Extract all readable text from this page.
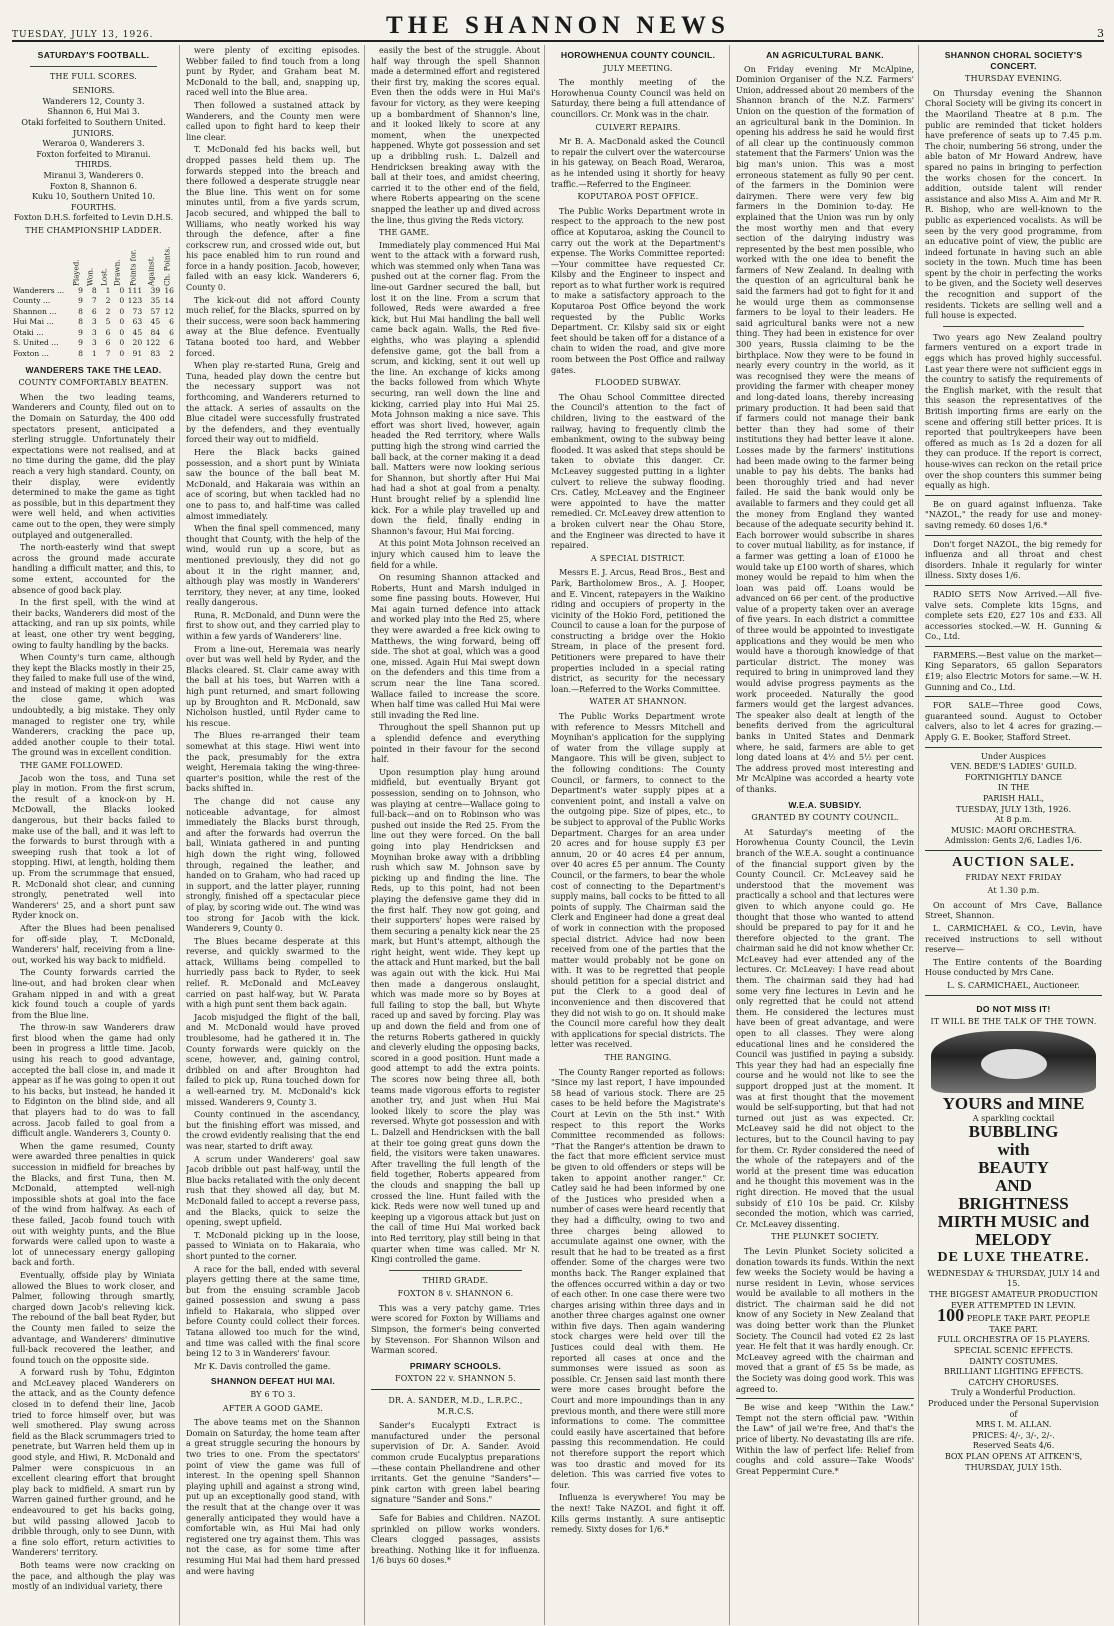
TUESDAY, JULY 13, 1926.	THE SHANNON NEWS	3
SATURDAY'S FOOTBALL.
THE FULL SCORES.

SENIORS.

Wanderers 12, County 3.

Shannon 6, Hui Mai 3.

Otaki forfeited to Southern United.

JUNIORS.

Weraroa 0, Wanderers 3.

Foxton forfeited to Miranui.

THIRDS.

Miranui 3, Wanderers 0.

Foxton 8, Shannon 6.

Kuku 10, Southern United 10.

FOURTHS.

Foxton D.H.S. forfeited to Levin D.H.S.

THE CHAMPIONSHIP LADDER.
	Played.	Won.	Lost.	Drawn.	Points for.	Against.	Ch. Points.
Wanderers ...	9	8	1	0	111	39	16
County ...	9	7	2	0	123	35	14
Shannon ...	8	6	2	0	73	57	12
Hui Mai ...	8	3	5	0	63	45	6
Otaki ...	9	3	6	0	45	84	6
S. United ...	9	3	6	0	20	122	6
Foxton ...	8	1	7	0	91	83	2
WANDERERS TAKE THE LEAD.
COUNTY COMFORTABLY BEATEN.

When the two leading teams, Wanderers and County, filed out on to the Domain on Saturday, the 400 odd spectators present, anticipated a sterling struggle. Unfortunately their expectations were not realised, and at no time during the game, did the play reach a very high standard. County, on their display, were evidently determined to make the game as tight as possible, but in this department they were well held, and when activities came out to the open, they were simply outplayed and outgeneralled.

The north-easterly wind that swept across the ground made accurate handling a difficult matter, and this, to some extent, accounted for the absence of good back play.

In the first spell, with the wind at their backs, Wanderers did most of the attacking, and ran up six points, while at least, one other try went begging, owing to faulty handling by the backs.

When County's turn came, although they kept the Blacks mostly in their 25, they failed to make full use of the wind, and instead of making it open adopted the close game, which was undoubtedly, a big mistake. They only managed to register one try, while Wanderers, cracking the pace up, added another couple to their total. The ground was in excellent condition.

THE GAME FOLLOWED.

Jacob won the toss, and Tuna set play in motion. From the first scrum, the result of a knock-on by H. McDowall, the Blacks looked dangerous, but their backs failed to make use of the ball, and it was left to the forwards to burst through with a sweeping rush that took a lot of stopping. Hiwi, at length, holding them up. From the scrummage that ensued, R. McDonald shot clear, and cunning strongly, penetrated well into Wanderers' 25, and a short punt saw Ryder knock on.

After the Blues had been penalised for off-side play, T. McDonald, Wanderers' half, receiving from a line-out, worked his way back to midfield.

The County forwards carried the line-out, and had broken clear when Graham nipped in and with a great kick found touch a couple of yards from the Blue line.

The throw-in saw Wanderers draw first blood when the game had only been in progress a little time. Jacob, using his reach to good advantage, accepted the ball close in, and made it appear as if he was going to open it out to his backs, but instead, he handed it to Edginton on the blind side, and all that players had to do was to fall across. Jacob failed to goal from a difficult angle. Wanderers 3, County 0.

When the game resumed, County were awarded three penalties in quick succession in midfield for breaches by the Blacks, and first Tuna, then M. McDonald, attempted well-nigh impossible shots at goal into the face of the wind from halfway. As each of these failed, Jacob found touch with out with weighty punts, and the Blue forwards were called upon to waste a lot of unnecessary energy galloping back and forth.

Eventually, offside play by Winiata allowed the Blues to work closer, and Palmer, following through smartly, charged down Jacob's relieving kick. The rebound of the ball beat Ryder, but the County men failed to seize the advantage, and Wanderers' diminutive full-back recovered the leather, and found touch on the opposite side.

A forward rush by Tohu, Edginton and McLeavey placed Wanderers on the attack, and as the County defence closed in to defend their line, Jacob tried to force himself over, but was well smothered. Play swung across field as the Black scrummagers tried to penetrate, but Warren held them up in good style, and Hiwi, R. McDonald and Palmer were conspicuous in an excellent clearing effort that brought play back to midfield. A smart run by Warren gained further ground, and he endeavoured to get his backs going, but wild passing allowed Jacob to dribble through, only to see Dunn, with a fine solo effort, return activities to Wanderers' territory.

Both teams were now cracking on the pace, and although the play was mostly of an individual variety, there

were plenty of exciting episodes. Webber failed to find touch from a long punt by Ryder, and Graham beat M. McDonald to the ball, and, snapping up, raced well into the Blue area.

Then followed a sustained attack by Wanderers, and the County men were called upon to fight hard to keep their line clear.

T. McDonald fed his backs well, but dropped passes held them up. The forwards stepped into the breach and there followed a desperate struggle near the Blue line. This went on for some minutes until, from a five yards scrum, Jacob secured, and whipped the ball to Williams, who neatly worked his way through the defence, after a fine corkscrew run, and crossed wide out, but his pace enabled him to run round and force in a handy position. Jacob, however, failed with an easy kick. Wanderers 6, County 0.

The kick-out did not afford County much relief, for the Blacks, spurred on by their success, were soon back hammering away at the Blue defence. Eventually Tatana booted too hard, and Webber forced.

When play re-started Runa, Greig and Tuna, headed play down the centre but the necessary support was not forthcoming, and Wanderers returned to the attack. A series of assaults on the Blue citadel were successfully frustrated by the defenders, and they eventually forced their way out to midfield.

Here the Black backs gained possession, and a short punt by Winiata saw the bounce of the ball beat M. McDonald, and Hakaraia was within an ace of scoring, but when tackled had no one to pass to, and half-time was called almost immediately.

When the final spell commenced, many thought that County, with the help of the wind, would run up a score, but as mentioned previously, they did not go about it in the right manner, and, although play was mostly in Wanderers' territory, they never, at any time, looked really dangerous.

Runa, R. McDonald, and Dunn were the first to show out, and they carried play to within a few yards of Wanderers' line.

From a line-out, Heremaia was nearly over but was well held by Ryder, and the Blacks cleared. St. Clair came away with the ball at his toes, but Warren with a high punt returned, and smart following up by Broughton and R. McDonald, saw Nicholson hustled, until Ryder came to his rescue.

The Blues re-arranged their team somewhat at this stage. Hiwi went into the pack, presumably for the extra weight, Heremaia taking the wing-three-quarter's position, while the rest of the backs shifted in.

The change did not cause any noticeable advantage, for almost immediately the Blacks burst through, and after the forwards had overrun the ball, Winiata gathered in and punting high down the right wing, followed through, regained the leather, and handed on to Graham, who had raced up in support, and the latter player, running strongly, finished off a spectacular piece of play, by scoring wide out. The wind was too strong for Jacob with the kick. Wanderers 9, County 0.

The Blues became desperate at this reverse, and quickly swarmed to the attack, Williams being compelled to hurriedly pass back to Ryder, to seek relief. R. McDonald and McLeavey carried on past half-way, but W. Parata with a high punt sent them back again.

Jacob misjudged the flight of the ball, and M. McDonald would have proved troublesome, had he gathered it in. The County forwards were quickly on the scene, however, and, gaining control, dribbled on and after Broughton had failed to pick up, Runa touched down for a well-earned try. M. McDonald's kick missed. Wanderers 9, County 3.

County continued in the ascendancy, but the finishing effort was missed, and the crowd evidently realising that the end was near, started to drift away.

A scrum under Wanderers' goal saw Jacob dribble out past half-way, until the Blue backs retaliated with the only decent rush that they showed all day, but M. McDonald failed to accept a reverse pass, and the Blacks, quick to seize the opening, swept upfield.

T. McDonald picking up in the loose, passed to Winiata on to Hakaraia, who short punted to the corner.

A race for the ball, ended with several players getting there at the same time, but from the ensuing scramble Jacob gained possession and swung a pass infield to Hakaraia, who slipped over before County could collect their forces. Tatana allowed too much for the wind, and time was called with the final score being 12 to 3 in Wanderers' favour.

Mr K. Davis controlled the game.

SHANNON DEFEAT HUI MAI.
BY 6 TO 3.
AFTER A GOOD GAME.

The above teams met on the Shannon Domain on Saturday, the home team after a great struggle securing the honours by two tries to one. From the spectators' point of view the game was full of interest. In the opening spell Shannon playing uphill and against a strong wind, put up an exceptionally good stand, with the result that at the change over it was generally anticipated they would have a comfortable win, as Hui Mai had only registered one try against them. This was not the case, as for some time after resuming Hui Mai had them hard pressed and were having

easily the best of the struggle. About half way through the spell Shannon made a determined effort and registered their first try, making the scores equal. Even then the odds were in Hui Mai's favour for victory, as they were keeping up a bombardment of Shannon's line, and it looked likely to score at any moment, when the unexpected happened. Whyte got possession and set up a dribbling rush. L. Dalzell and Hendricksen breaking away with the ball at their toes, and amidst cheering, carried it to the other end of the field, where Roberts appearing on the scene snapped the leather up and dived across the line, thus giving the Reds victory.

THE GAME.

Immediately play commenced Hui Mai went to the attack with a forward rush, which was stemmed only when Tana was pushed out at the corner flag. From the line-out Gardner secured the ball, but lost it on the line. From a scrum that followed, Reds were awarded a free kick, but Hui Mai handling the ball well came back again. Walls, the Red five-eighths, who was playing a splendid defensive game, got the ball from a scrum, and kicking, sent it out well up the line. An exchange of kicks among the backs followed from which Whyte securing, ran well down the line and kicking, carried play into Hui Mai 25. Mota Johnson making a nice save. This effort was short lived, however, again headed the Red territory, where Walls putting high the strong wind carried the ball back, at the corner making it a dead ball. Matters were now looking serious for Shannon, but shortly after Hui Mai had had a shot at goal from a penalty. Hunt brought relief by a splendid line kick. For a while play travelled up and down the field, finally ending in Shannon's favour, Hui Mai forcing.

At this point Mota Johnson received an injury which caused him to leave the field for a while.

On resuming Shannon attacked and Roberts, Hunt and Marsh indulged in some fine passing bouts. However, Hui Mai again turned defence into attack and worked play into the Red 25, where they were awarded a free kick owing to Matthews, the wing forward, being off side. The shot at goal, which was a good one, missed. Again Hui Mai swept down on the defenders and this time from a scrum near the line Tana scored. Wallace failed to increase the score. When half time was called Hui Mai were still invading the Red line.

Throughout the spell Shannon put up a splendid defence and everything pointed in their favour for the second half.

Upon resumption play hung around midfield, but eventually Bryant got possession, sending on to Johnson, who was playing at centre—Wallace going to full-back—and on to Robinson who was pushed out inside the Red 25. From the line out they were forced. On the ball going into play Hendricksen and Moynihan broke away with a dribbling rush which saw M. Johnson save by picking up and finding the line. The Reds, up to this point, had not been playing the defensive game they did in the first half. They now got going, and their supporters' hopes were raised by them securing a penalty kick near the 25 mark, but Hunt's attempt, although the right height, went wide. They kept up the attack and Hunt marked, but the ball was again out with the kick. Hui Mai then made a dangerous onslaught, which was made more so by Boyes at full failing to stop the ball, but Whyte raced up and saved by forcing. Play was up and down the field and from one of the returns Roberts gathered in quickly and cleverly eluding the opposing backs, scored in a good position. Hunt made a good attempt to add the extra points. The scores now being three all, both teams made vigorous efforts to register another try, and just when Hui Mai looked likely to score the play was reversed. Whyte got possession and with L. Dalzell and Hendricksen with the ball at their toe going great guns down the field, the visitors were taken unawares. After travelling the full length of the field together, Roberts appeared from the clouds and snapping the ball up crossed the line. Hunt failed with the kick. Reds were now well tuned up and keeping up a vigorous attack but just on the call of time Hui Mai worked back into Red territory, play still being in that quarter when time was called. Mr N. Kingi controlled the game.

THIRD GRADE.
FOXTON 8 v. SHANNON 6.

This was a very patchy game. Tries were scored for Foxton by Williams and Simpson, the former's being converted by Stevenson. For Shannon Wilson and Warman scored.

PRIMARY SCHOOLS.
FOXTON 22 v. SHANNON 5.
DR. A. SANDER, M.D., L.R.P.C., M.R.C.S.

Sander's Eucalypti Extract is manufactured under the personal supervision of Dr. A. Sander. Avoid common crude Eucalyptus preparations—these contain Phellandrene and other irritants. Get the genuine "Sanders"—pink carton with green label bearing signature "Sander and Sons."

Safe for Babies and Children. NAZOL sprinkled on pillow works wonders. Clears clogged passages, assists breathing. Nothing like it for influenza. 1/6 buys 60 doses.*

HOROWHENUA COUNTY COUNCIL.
JULY MEETING.

The monthly meeting of the Horowhenua County Council was held on Saturday, there being a full attendance of councillors. Cr. Monk was in the chair.

CULVERT REPAIRS.

Mr B. A. MacDonald asked the Council to repair the culvert over the watercourse in his gateway, on Beach Road, Weraroa, as he intended using it shortly for heavy traffic.—Referred to the Engineer.

KOPUTAROA POST OFFICE.

The Public Works Department wrote in respect to the approach to the new post office at Koputaroa, asking the Council to carry out the work at the Department's expense. The Works Committee reported:—Your committee have requested Cr. Kilsby and the Engineer to inspect and report as to what further work is required to make a satisfactory approach to the Koputaroa Post Office beyond the work requested by the Public Works Department. Cr. Kilsby said six or eight feet should be taken off for a distance of a chain to widen the road, and give more room between the Post Office and railway gates.

FLOODED SUBWAY.

The Ohau School Committee directed the Council's attention to the fact of children, living to the eastward of the railway, having to frequently climb the embankment, owing to the subway being flooded. It was asked that steps should be taken to obviate this danger. Cr. McLeavey suggested putting in a lighter culvert to relieve the subway flooding. Crs. Catley, McLeavey and the Engineer were appointed to have the matter remedied. Cr. McLeavey drew attention to a broken culvert near the Ohau Store, and the Engineer was directed to have it repaired.

A SPECIAL DISTRICT.

Messrs E. J. Arcus, Read Bros., Best and Park, Bartholomew Bros., A. J. Hooper, and E. Vincent, ratepayers in the Waikino riding and occupiers of property in the vicinity of the Hokio Ford, petitioned the Council to cause a loan for the purpose of constructing a bridge over the Hokio Stream, in place of the present ford. Petitioners were prepared to have their properties included in a special rating district, as security for the necessary loan.—Referred to the Works Committee.

WATER AT SHANNON.

The Public Works Department wrote with reference to Messrs Mitchell and Moynihan's application for the supplying of water from the village supply at Mangaore. This will be given, subject to the following conditions: The County Council, or farmers, to connect to the Department's water supply pipes at a convenient point, and install a valve on the outgoing pipe. Size of pipes, etc., to be subject to approval of the Public Works Department. Charges for an area under 20 acres and for house supply £3 per annum, 20 or 40 acres £4 per annum, over 40 acres £5 per annum. The County Council, or the farmers, to bear the whole cost of connecting to the Department's supply mains, ball cocks to be fitted to all points of supply. The Chairman said the Clerk and Engineer had done a great deal of work in connection with the proposed special district. Advice had now been received from one of the parties that the matter would probably not be gone on with. It was to be regretted that people should petition for a special district and put the Clerk to a good deal of inconvenience and then discovered that they did not wish to go on. It should make the Council more careful how they dealt with applications for special districts. The letter was received.

THE RANGING.

The County Ranger reported as follows: "Since my last report, I have impounded 58 head of various stock. There are 25 cases to be held before the Magistrate's Court at Levin on the 5th inst." With respect to this report the Works Committee recommended as follows: "That the Ranger's attention be drawn to the fact that more efficient service must be given to old offenders or steps will be taken to appoint another ranger." Cr. Catley said he had been informed by one of the Justices who presided when a number of cases were heard recently that they had a difficulty, owing to two and three charges being allowed to accumulate against one owner, with the result that he had to be treated as a first offender. Some of the charges were two months back. The Ranger explained that the offences occurred within a day or two of each other. In one case there were two charges arising within three days and in another three charges against one owner within five days. Then again wandering stock charges were held over till the Justices could deal with them. He reported all cases at once and the summonses were issued as soon as possible. Cr. Jensen said last month there were more cases brought before the Court and more impoundings than in any previous month, and there were still more informations to come. The committee could easily have ascertained that before passing this recommendation. He could not therefore support the report which was too drastic and moved for its deletion. This was carried five votes to four.

Influenza is everywhere! You may be the next! Take NAZOL and fight it off. Kills germs instantly. A sure antiseptic remedy. Sixty doses for 1/6.*

AN AGRICULTURAL BANK.

On Friday evening Mr McAlpine, Dominion Organiser of the N.Z. Farmers' Union, addressed about 20 members of the Shannon branch of the N.Z. Farmers' Union on the question of the formation of an agricultural bank in the Dominion. In opening his address he said he would first of all clear up the continuously common statement that the Farmers' Union was the big man's union. This was a most erroneous statement as fully 90 per cent. of the farmers in the Dominion were dairymen. There were very few big farmers in the Dominion to-day. He explained that the Union was run by only the most worthy men and that every section of the dairying industry was represented by the best men possible, who worked with the one idea to benefit the farmers of New Zealand. In dealing with the question of an agricultural bank he said the farmers had got to fight for it and he would urge them as commonsense farmers to be loyal to their leaders. He said agricultural banks were not a new thing. They had been in existence for over 300 years, Russia claiming to be the birthplace. Now they were to be found in nearly every country in the world, as it was recognised they were the means of providing the farmer with cheaper money and long-dated loans, thereby increasing primary production. It had been said that if farmers could not manage their bank better than they had some of their institutions they had better leave it alone. Losses made by the farmers' institutions had been made owing to the farmer being unable to pay his debts. The banks had been thoroughly tried and had never failed. He said the bank would only be available to farmers and they could get all the money from England they wanted because of the adequate security behind it. Each borrower would subscribe in shares to cover mutual liability, as for instance, if a farmer was getting a loan of £1000 he would take up £100 worth of shares, which money would be repaid to him when the loan was paid off. Loans would be advanced on 66 per cent. of the productive value of a property taken over an average of five years. In each district a committee of three would be appointed to investigate applications and they would be men who would have a thorough knowledge of that particular district. The money was required to bring in unimproved land they would advise progress payments as the work proceeded. Naturally the good farmers would get the largest advances. The speaker also dealt at length of the benefits derived from the agricultural banks in United States and Denmark where, he said, farmers are able to get long dated loans at 4½ and 5½ per cent. The address proved most interesting and Mr McAlpine was accorded a hearty vote of thanks.

W.E.A. SUBSIDY.
GRANTED BY COUNTY COUNCIL.

At Saturday's meeting of the Horowhenua County Council, the Levin branch of the W.E.A. sought a continuance of the financial support given by the County Council. Cr. McLeavey said he understood that the movement was practically a school and that lectures were given to which anyone could go. He thought that those who wanted to attend should be prepared to pay for it and he therefore objected to the grant. The chairman said he did not know whether Cr. McLeavey had ever attended any of the lectures. Cr. McLeavey: I have read about them. The chairman said they had had some very fine lectures in Levin and he only regretted that he could not attend them. He considered the lectures must have been of great advantage, and were open to all classes. They were along educational lines and he considered the Council was justified in paying a subsidy. This year they had had an especially fine course and he would not like to see the support dropped just at the moment. It was at first thought that the movement would be self-supporting, but that had not turned out just as was expected. Cr. McLeavey said he did not object to the lectures, but to the Council having to pay for them. Cr. Ryder considered the need of the whole of the ratepayers and of the world at the present time was education and he thought this movement was in the right direction. He moved that the usual subsidy of £10 10s be paid. Cr. Kilsby seconded the motion, which was carried, Cr. McLeavey dissenting.

THE PLUNKET SOCIETY.

The Levin Plunket Society solicited a donation towards its funds. Within the next few weeks the Society would be having a nurse resident in Levin, whose services would be available to all mothers in the district. The chairman said he did not know of any Society in New Zealand that was doing better work than the Plunket Society. The Council had voted £2 2s last year. He felt that it was hardly enough. Cr. McLeavey agreed with the chairman and moved that a grant of £5 5s be made, as the Society was doing good work. This was agreed to.

Be wise and keep "Within the Law." Tempt not the stern official paw. "Within the Law" of jail we're free, And that's the price of liberty. No devastating ills are rife. Within the law of perfect life: Relief from coughs and cold assure—Take Woods' Great Peppermint Cure.*

SHANNON CHORAL SOCIETY'S CONCERT.
THURSDAY EVENING.

On Thursday evening the Shannon Choral Society will be giving its concert in the Maoriland Theatre at 8 p.m. The public are reminded that ticket holders have preference of seats up to 7.45 p.m. The choir, numbering 56 strong, under the able baton of Mr Howard Andrew, have spared no pains in bringing to perfection the works chosen for the concert. In addition, outside talent will render assistance and also Miss A. Aim and Mr R. R. Bishop, who are well-known to the public as experienced vocalists. As will be seen by the very good programme, from an educative point of view, the public are indeed fortunate in having such an able society in the town. Much time has been spent by the choir in perfecting the works to be given, and the Society well deserves the recognition and support of the residents. Tickets are selling well and a full house is expected.

Two years ago New Zealand poultry farmers ventured on a export trade in eggs which has proved highly successful. Last year there were not sufficient eggs in the country to satisfy the requirements of the English market, with the result that this season the representatives of the British importing firms are early on the scene and offering still better prices. It is reported that poultrykeepers have been offered as much as 1s 2d a dozen for all they can produce. If the report is correct, house-wives can reckon on the retail price over the shop counters this summer being equally as high.

Be on guard against influenza. Take "NAZOL," the ready for use and money-saving remedy. 60 doses 1/6.*

Don't forget NAZOL, the big remedy for influenza and all throat and chest disorders. Inhale it regularly for winter illness. Sixty doses 1/6.

RADIO SETS Now Arrived.—All five-valve sets. Complete kits 15gns, and complete sets £20, £27 10s and £33. All accessories stocked.—W. H. Gunning & Co., Ltd.

FARMERS.—Best value on the market—King Separators, 65 gallon Separators £19; also Electric Motors for same.—W. H. Gunning and Co., Ltd.

FOR SALE—Three good Cows, guaranteed sound. August to October calvers, also to let 4 acres for grazing.—Apply G. E. Booker, Stafford Street.

Under Auspices

VEN. BEDE'S LADIES' GUILD.

FORTNIGHTLY DANCE

IN THE

PARISH HALL,

TUESDAY, JULY 13th, 1926.

At 8 p.m.

MUSIC: MAORI ORCHESTRA.

Admission: Gents 2/6, Ladies 1/6.

AUCTION SALE.
FRIDAY NEXT FRIDAY
At 1.30 p.m.

On account of Mrs Cave, Ballance Street, Shannon.

L. CARMICHAEL & CO., Levin, have received instructions to sell without reserve—

The Entire contents of the Boarding House conducted by Mrs Cane.

L. S. CARMICHAEL, Auctioneer.

DO NOT MISS IT!
IT WILL BE THE TALK OF THE TOWN.

YOURS and MINE

A sparkling cocktail

BUBBLING

with

BEAUTY

AND

BRIGHTNESS

MIRTH MUSIC and MELODY

DE LUXE THEATRE.

WEDNESDAY & THURSDAY, JULY 14 and 15.

THE BIGGEST AMATEUR PRODUCTION EVER ATTEMPTED IN LEVIN.

100 PEOPLE TAKE PART. PEOPLE TAKE PART.

FULL ORCHESTRA OF 15 PLAYERS.

SPECIAL SCENIC EFFECTS.

DAINTY COSTUMES.

BRILLIANT LIGHTING EFFECTS.

CATCHY CHORUSES.

Truly a Wonderful Production.

Produced under the Personal Supervision of

MRS I. M. ALLAN.

PRICES: 4/-, 3/-, 2/-.

Reserved Seats 4/6.

BOX PLAN OPENS AT AITKEN'S, THURSDAY, JULY 15th.
